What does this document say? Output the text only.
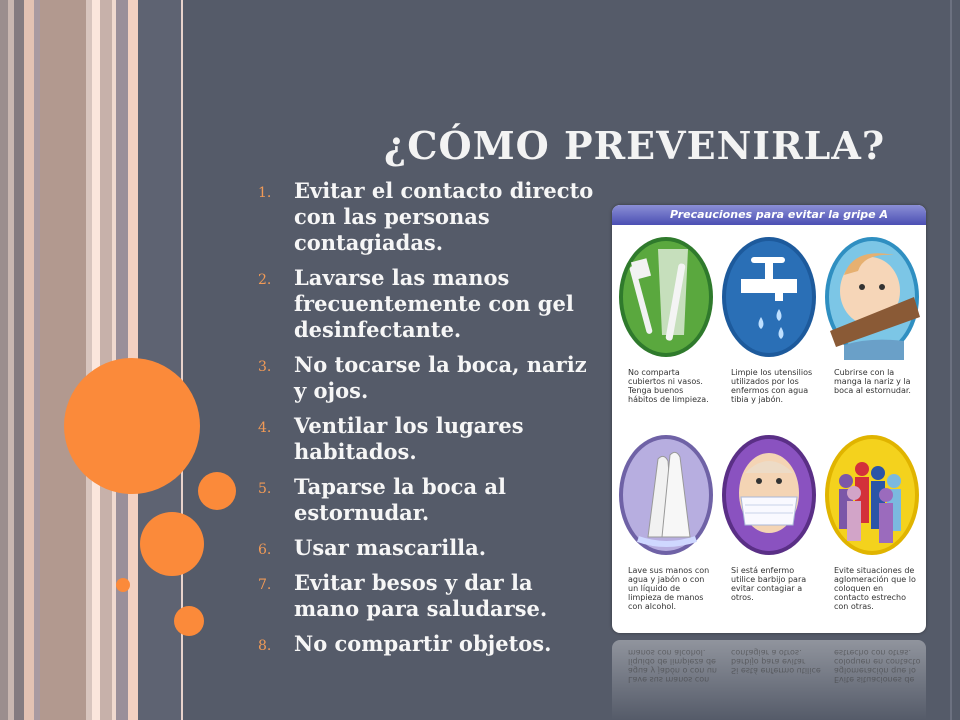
¿CÓMO PREVENIRLA?
1.	Evitar el contacto directo con las personas contagiadas.
2.	Lavarse las manos frecuentemente con gel desinfectante.
3.	No tocarse la boca, nariz y ojos.
4.	Ventilar los lugares habitados.
5.	Taparse la boca al estornudar.
6.	Usar mascarilla.
7.	Evitar besos y dar la mano para saludarse.
8.	No compartir objetos.
Precauciones para evitar la gripe A
No comparta cubiertos ni vasos. Tenga buenos hábitos de limpieza.
Limpie los utensilios utilizados por los enfermos con agua tibia y jabón.
Cubrirse con la manga la nariz y la boca al estornudar.
Lave sus manos con agua y jabón o con un líquido de limpieza de manos con alcohol.
Si está enfermo utilice barbijo para evitar contagiar a otros.
Evite situaciones de aglomeración que lo coloquen en contacto estrecho con otras.
Lave sus manos con agua y jabón o con un líquido de limpieza de manos con alcohol.
Si está enfermo utilice barbijo para evitar contagiar a otros.
Evite situaciones de aglomeración que lo coloquen en contacto estrecho con otras.
